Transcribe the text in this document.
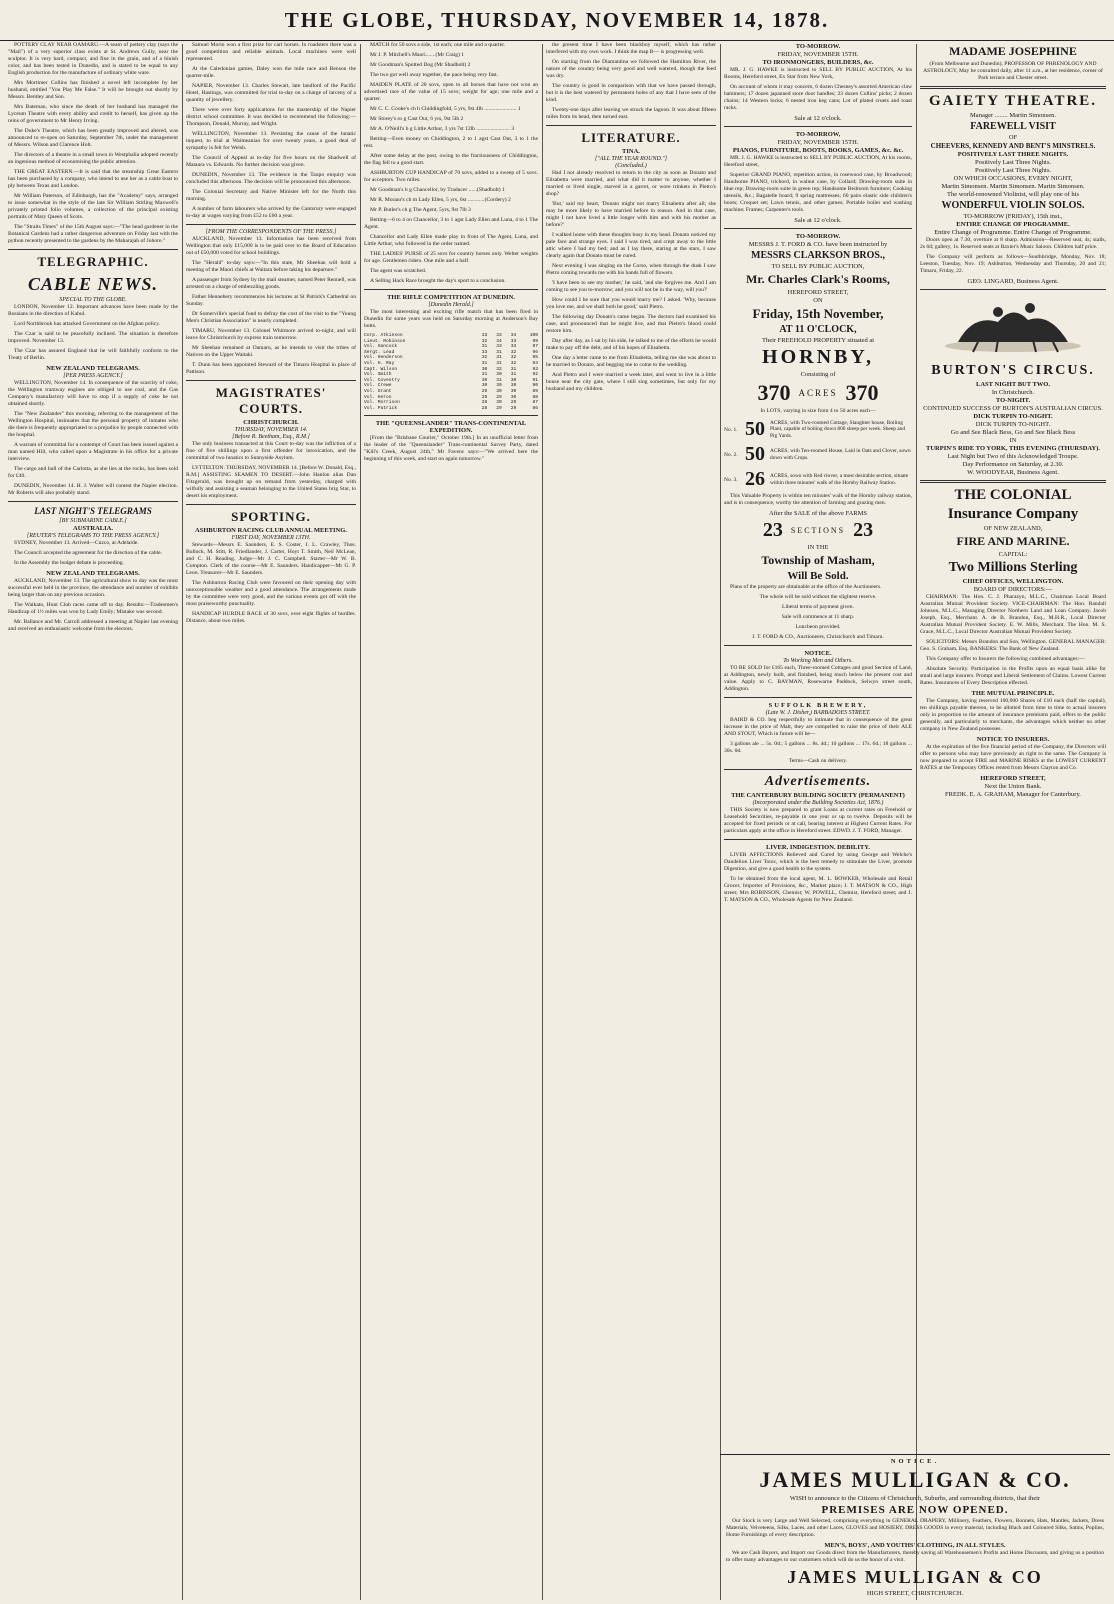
THE GLOBE, THURSDAY, NOVEMBER 14, 1878.

POTTERY CLAY NEAR OAMARU.—A seam of pottery clay (says the "Mail") of a very superior class exists at St. Andrews Gully, near the sculptor. It is very hard, compact, and fine in the grain, and of a bluish color, and has been tested in Dunedin, and is stated to be equal to any English production for the manufacture of ordinary white ware.

Mrs Mortimer Collins has finished a novel left incomplete by her husband, entitled "You Play Me False." It will be brought out shortly by Messrs. Bentley and Son.

Mrs Bateman, who since the death of her husband has managed the Lyceum Theatre with every ability and credit to herself, has given up the reins of government to Mr Henry Irving.

The Duke's Theatre, which has been greatly improved and altered, was announced to re-open on Saturday, September 7th, under the management of Messrs. Wilson and Clarence Holt.

The directors of a theatre in a small town in Westphalia adopted recently an ingenious method of economising the public attention.

THE GREAT EASTERN.—It is said that the steamship Great Eastern has been purchased by a company, who intend to use her as a cattle boat to ply between Texas and London.

Mr William Paterson, of Edinburgh, has the "Academy" says, arranged to issue somewhat in the style of the late Sir William Stirling Maxwell's privately printed folio volumes, a collection of the principal existing portraits of Mary Queen of Scots.

The "Straits Times" of the 15th August says:—"The head gardener in the Botanical Gardens had a rather dangerous adventure on Friday last with the python recently presented to the gardens by the Maharajah of Johore."

TELEGRAPHIC.
CABLE NEWS.
SPECIAL TO THE GLOBE.

LONDON, November 12. Important advances have been made by the Russians in the direction of Kabul.

Lord Northbrook has attacked Government on the Afghan policy.

The Czar is said to be peacefully inclined. The situation is therefore improved. November 13.

The Czar has assured England that he will faithfully conform to the Treaty of Berlin.

NEW ZEALAND TELEGRAMS.
[PER PRESS AGENCY.]

WELLINGTON, November 14. In consequence of the scarcity of coke, the Wellington tramway engines are obliged to use coal, and the Gas Company's manufactory will have to stop if a supply of coke be not obtained shortly.

The "New Zealander" this morning, referring to the management of the Wellington Hospital, insinuates that the personal property of inmates who die there is frequently appropriated to a prejudice by people connected with the hospital.

A warrant of committal for a contempt of Court has been issued against a man named Hill, who called upon a Magistrate in his office for a private interview.

The cargo and hull of the Carlotta, as she lies at the rocks, has been sold for £40.

DUNEDIN, November 14. H. J. Walter will contest the Napier election. Mr Roberts will also probably stand.

LAST NIGHT'S TELEGRAMS
[BY SUBMARINE CABLE.]
AUSTRALIA.
[REUTER'S TELEGRAMS TO THE PRESS AGENCY.]

SYDNEY, November 13. Arrived—Cuzco, at Adelaide.

The Council accepted the agreement for the direction of the cable.

In the Assembly the budget debate is proceeding.

NEW ZEALAND TELEGRAMS.

AUCKLAND, November 13. The agricultural show to day was the most successful ever held in the province, the attendance and number of exhibits being larger than on any previous occasion.

The Waikato, Hunt Club races came off to day. Results:—Tradesmen's Handicap of 1½ miles was won by Lady Emily; Mistake was second.

Mr. Ballance and Mr. Carroll addressed a meeting at Napier last evening and received an enthusiastic welcome from the electors.

Samuel Morin won a first prize for cart horses. In roadsters there was a good competition and reliable animals. Local machines were well represented.

At the Caledonian games, Daley won the mile race and Benson the quarter-mile.

NAPIER, November 13. Charles Stewart, late landlord of the Pacific Hotel, Hastings, was committed for trial to-day on a charge of larceny of a quantity of jewellery.

There were over forty applications for the mastership of the Napier district school committee. It was decided to recommend the following:—Thompson, Donald, Murray, and Wright.

WELLINGTON, November 13. Persisting the cause of the lunatic inquest, to trial at Waimeaniao for over twenty years, a good deal of sympathy is felt for Welsh.

The Council of Appeal at to-day for five hours on the Shadwell of Mataura vs. Edwards. No further decision was given.

DUNEDIN, November 13. The evidence in the Taupo enquiry was concluded this afternoon. The decision will be pronounced this afternoon.

The Colonial Secretary and Native Minister left for the North this morning.

A number of farm labourers who arrived by the Cantsrury were engaged to-day at wages varying from £52 to £60 a year.

[FROM THE CORRESPONDENTS OF THE PRESS.]

AUCKLAND, November 13. Information has been received from Wellington that only £15,000 is to be paid over to the Board of Education out of £50,000 voted for school buildings.

The "Herald" to-day says:—"In this state, Mr Sheehan will hold a meeting of the Maori chiefs at Waitara before taking his departure."

A passenger from Sydney by the mail steamer, named Peter Rennell, was arrested on a charge of embezzling goods.

Father Hennebery recommences his lectures at St Patrick's Cathedral on Sunday.

Dr Somerville's special fund to defray the cost of the visit to the "Young Men's Christian Association" is nearly completed.

TIMARU, November 13. Colonel Whitmore arrived to-night, and will leave for Christchurch by express train tomorrow.

Mr Sheehan remained at Oamaru, as he intends to visit the tribes of Natives on the Upper Waitaki.

T. Dunn has been appointed Steward of the Timaru Hospital in place of Pattison.

MAGISTRATES' COURTS.
CHRISTCHURCH.
THURSDAY, NOVEMBER 14.
[Before R. Beetham, Esq., R.M.]

The only business transacted at this Court to-day was the infliction of a fine of five shillings upon a first offender for intoxication, and the committal of two lunatics to Sunnyside Asylum.

LYTTELTON. THURSDAY, NOVEMBER 14. [Before W. Donald, Esq., R.M.] ASSISTING SEAMEN TO DESERT.—John Hanlon alias Dan Fitzgerald, was brought up on remand from yesterday, charged with wilfully and assisting a seaman belonging to the United States brig Star, to desert his employment.

SPORTING.
ASHBURTON RACING CLUB ANNUAL MEETING.
FIRST DAY, NOVEMBER 13TH.

Stewards—Messrs E. Saunders, E. S. Coster, J. L. Crawley, Thos. Bullock, M. Stitt, R. Friedlander, J. Carter, Hoyt T. Smith, Neil McLean, and C. H. Reading. Judge—Mr J. C. Campbell. Starter—Mr W. B. Compton. Clerk of the course—Mr E. Saunders. Handicapper—Mr G. P. Leon. Treasurer—Mr E. Saunders.

The Ashburton Racing Club were favoured on their opening day with unexceptionable weather and a good attendance. The arrangements made by the committee were very good, and the various events got off with the most praiseworthy punctuality.

HANDICAP HURDLE RACE of 30 sovs, over eight flights of hurdles. Distance, about two miles.

MATCH for 50 sovs a side, 1st each; one mile and a quarter.

Mr J. P. Mitchell's Maori.......(Mr Craig) 1

Mr Goodman's Spotted Dog (Mr Shadbolt) 2

The two got well away together, the pace being very fast.

MAIDEN PLATE of 20 sovs, open to all horses that have not won an advertised race of the value of 15 sovs; weight for age; one mile and a quarter.

Mr C. C. Cooke's ch h Chiddingfold, 5 yrs, 9st 4lb ....................... 1

Mr Storey's ro g Cast Out, 6 yrs, 9st 5lb 2

Mr A. O'Neill's b g Little Arthur, 3 yrs 7st 12lb ........................ 3

Betting—Even money on Chiddington, 2 to 1 agst Cast Out, 3 to 1 the rest.

After some delay at the post, owing to the fractiousness of Chiddington, the flag fell to a good start.

ASHBURTON CUP HANDICAP of 70 sovs, added to a sweep of 5 sovs. for acceptors. Two miles.

Mr Goodman's b g Chancellor, by Traducer ......(Shadbolt) 1

Mr R. Moranr's ch m Lady Ellen, 5 yrs, 6st ............(Cordery) 2

Mr P. Butler's ch g The Agent, 5yrs, 9st 7lb 3

Betting—6 to 4 on Chancellor, 3 to 1 agst Lady Ellen and Luna, 4 to 1 The Agent.

Chancellor and Lady Ellen made play in front of The Agent, Luna, and Little Arthur, who followed in the order named.

THE LADIES' PURSE of 25 sovs for country horses only. Welter weights for age. Gentlemen riders. One mile and a half.

The agent was scratched.

A Selling Hack Race brought the day's sport to a conclusion.

THE RIFLE COMPETITION AT DUNEDIN.
[Dunedin Herald.]

The most interesting and exciting rifle match that has been fired in Dunedin for some years was held on Saturday morning at Anderson's Bay butts.

Corp. Atkinson	33	33	34	100
Lieut. Robinson	32	34	33	99
Vol. Hancock	31	33	33	97
Sergt. Lead	33	31	32	96
Vol. Henderson	32	31	32	95
Vol. H. Ray	31	31	32	94
Capt. Wilson	30	32	31	93
Vol. Smith	31	30	31	92
Vol. Coventry	30	31	30	91
Vol. Crewe	30	30	30	90
Vol. Grant	29	30	30	89
Vol. Heron	29	29	30	88
Vol. Morrison	28	30	29	87
Vol. Patrick	28	29	29	86
THE "QUEENSLANDER" TRANS-CONTINENTAL EXPEDITION.

[From the "Brisbane Courier," October 19th.] In an unofficial letter from the leader of the "Queenslander" Trans-continental Survey Party, dated "Kill's Creek, August 24th," Mr Favenc says:—"We arrived here the beginning of this week, and start on again tomorrow."

the present time I have been blackboy myself, which has rather interfered with my own work. I think the map B— is progressing well.

On starting from the Diamantina we followed the Hamilton River, the nature of the country being very good and well watered, though the feed was dry.

The country is good in comparison with that we have passed through, but it is the best watered by permanent holes of any that I have seen of the kind.

Twenty-one days after leaving we struck the lagoon. It was about fifteen miles from its head, then turned east.

LITERATURE.
TINA.
["ALL THE YEAR ROUND."]
(Concluded.)

Had I not already resolved to return to the city as soon as Donato and Elisabetta were married, and what did it matter to anyone, whether I married or lived single, starved in a garret, or wore trinkets in Pietro's shop?

'But,' said my heart, 'Donato might not marry Elisabetta after all; she may be more likely to have married before in reason. And in that case, might I not have lived a little longer with him and with his mother as before?'

I walked home with these thoughts busy in my head. Donato noticed my pale face and strange eyes. I said I was tired, and crept away to the little attic where I had my bed; and as I lay there, staring at the stars, I saw clearly again that Donato must be cured.

Next evening I was singing on the Corso, when through the dusk I saw Pietro coming towards me with his hands full of flowers.

'I have been to see my mother,' he said, 'and she forgives me. And I am coming to see you to-morrow; and you will not be in the way, will you?'

How could I be sure that you would marry me? I asked. 'Why, because you love me, and we shall both be good,' said Pietro.

The following day Donato's came began. The doctors had examined his case, and pronounced that he might live, and that Pietro's blood could restore him.

Day after day, as I sat by his side, he talked to me of the efforts he would make to pay off the debt, and of his hopes of Elisabetta.

One day a letter came to me from Elisabetta, telling me she was about to be married to Donato, and begging me to come to the wedding.

And Pietro and I were married a week later, and went to live in a little house near the city gate, where I still sing sometimes, but only for my husband and my children.

TO-MORROW.
FRIDAY, NOVEMBER 15TH.
TO IRONMONGERS, BUILDERS, &c.

MR. J. G. HAWKE is instructed to SELL BY PUBLIC AUCTION, At his Rooms, Hereford street, Ex Star from New York,

On account of whom it may concern, 6 dozen Chesney's assorted American claw hammers; 17 dozen japanned store door handles; 23 dozen Collins' picks; 2 dozen chains; 14 Western locks; 6 nested iron keg cans; Lot of plated cruets and toast racks.

Sale at 12 o'clock.
TO-MORROW,
FRIDAY, NOVEMBER 15TH.
PIANOS, FURNITURE, BOOTS, BOOKS, GAMES, &c. &c.

MR. J. G. HAWKE is instructed to SELL BY PUBLIC AUCTION, At his rooms, Hereford street,

Superior GRAND PIANO, repetition action, in rosewood case, by Broadwood; Handsome PIANO, trichord, in walnut case, by Collard; Drawing-room suite in blue rep; Drawing-room suite in green rep; Handsome Bedroom furniture; Cooking utensils, &c.; Bagatelle board; 9 spring mattresses; 60 pairs elastic side children's boots; Croquet set; Lawn tennis, and other games; Portable boiler and washing machine; Frames; Carpenter's tools.

Sale at 12 o'clock.
TO-MORROW.
MESSRS J. T. FORD & CO. have been instructed by
MESSRS CLARKSON BROS.,
TO SELL BY PUBLIC AUCTION,
Mr. Charles Clark's Rooms,
HEREFORD STREET,
ON
Friday, 15th November,
AT 11 O'CLOCK,
Their FREEHOLD PROPERTY situated at
HORNBY,
Consisting of
370 ACRES 370

In LOTS, varying in size from 4 to 50 acres each—

No. 1. 50 ACRES, with Two-roomed Cottage, Slaughter house, Boiling Plant, capable of boiling down 800 sheep per week. Sheep and Pig Yards.
No. 2. 50 ACRES, with Ten-roomed House, Laid in Oats and Clover, sown down with Crops.
No. 3. 26 ACRES, sown with Red clover, a most desirable section, situate within three minutes' walk of the Hornby Railway Station.

This Valuable Property is within ten minutes' walk of the Hornby railway station, and is in consequence, worthy the attention of farming and grazing men.

After the SALE of the above FARMS
23 SECTIONS 23
IN THE
Township of Masham,
Will Be Sold.

Plans of the property are obtainable at the office of the Auctioneers.

The whole will be sold without the slightest reserve.

Liberal terms of payment given.

Sale will commence at 11 sharp.

Luncheon provided.

J. T. FORD & CO., Auctioneers, Christchurch and Timaru.

NOTICE.
To Working Men and Others.

TO BE SOLD for £165 each, Three-roomed Cottages and good Section of Land, at Addington, newly built, and finished, being much below the present cost and value. Apply to C. BAYMAN, Rosewarne Paddock, Selwyn street south, Addington.

SUFFOLK BREWERY,
(Late W. J. Disher,) BARBADOES STREET.

BAIRD & CO. beg respectfully to intimate that in consequence of the great increase in the price of Malt, they are compelled to raise the price of their ALE AND STOUT, Which in future will be—

3 gallons ale ... 5s. 0d.; 5 gallons ... 8s. 4d.; 10 gallons ... 17s. 6d.; 18 gallons ... 30s. 0d.

Terms—Cash on delivery.

Advertisements.
THE CANTERBURY BUILDING SOCIETY (PERMANENT)
(Incorporated under the Building Societies Act, 1876.)

THIS Society is now prepared to grant Loans at current rates on Freehold or Leasehold Securities, re-payable in one year or up to twelve. Deposits will be accepted for fixed periods or at call, bearing interest at Highest Current Rates. For particulars apply at the office in Hereford street. EDWD. J. T. FORD, Manager.

LIVER. INDIGESTION. DEBILITY.

LIVER AFFECTIONS Relieved and Cured by using George and Welche's Dandelion Liver Tonic, which is the best remedy to stimulate the Liver, promote Digestion, and give a good health to the system.

To be obtained from the local agent, M. L. BOWKER, Wholesale and Retail Grocer, Importer of Provisions, &c., Market place; J. T. MATSON & CO., High street; Mrs ROBINSON, Chemist; W. POWELL, Chemist, Hereford street; and J. T. MATSON & CO., Wholesale Agents for New Zealand.

MADAME JOSEPHINE

(From Melbourne and Dunedin), PROFESSOR OF PHRENOLOGY AND ASTROLOGY, May be consulted daily, after 11 a.m., at her residence, corner of Park terrace and Chester street.

GAIETY THEATRE.
Manager ........ Martin Simonsen.
FAREWELL VISIT
OF
CHEEVERS, KENNEDY AND BENT'S MINSTRELS.
POSITIVELY LAST THREE NIGHTS.
Positively Last Three Nights.
Positively Last Three Nights.
ON WHICH OCCASIONS, EVERY NIGHT,
Martin Simonsen. Martin Simonsen. Martin Simonsen.
The world-renowned Violinist, will play one of his
WONDERFUL VIOLIN SOLOS.
TO-MORROW (FRIDAY), 15th inst.,
ENTIRE CHANGE OF PROGRAMME.
Entire Change of Programme. Entire Change of Programme.

Doors open at 7.30, overture at 8 sharp. Admission—Reserved seat, 4s; stalls, 2s 6d; gallery, 1s. Reserved seats at Baxter's Music Saloon. Children half price.

The Company will perform as follows—Southbridge, Monday, Nov. 18; Leeston, Tuesday, Nov. 19; Ashburton, Wednesday and Thursday, 20 and 21; Timaru, Friday, 22.

GEO. LINGARD, Business Agent.
BURTON'S CIRCUS.
LAST NIGHT BUT TWO.
In Christchurch.
TO-NIGHT.
CONTINUED SUCCESS OF BURTON'S AUSTRALIAN CIRCUS.
DICK TURPIN TO-NIGHT.
DICK TURPIN TO-NIGHT.
Go and See Black Bess, Go and See Black Bess
IN
TURPIN'S RIDE TO YORK, THIS EVENING (THURSDAY).
Last Night but Two of this Acknowledged Troupe.
Day Performance on Saturday, at 2.30.
W. WOODYEAR, Business Agent.
THE COLONIAL
Insurance Company
OF NEW ZEALAND,
FIRE AND MARINE.
CAPITAL:
Two Millions Sterling
CHIEF OFFICES, WELLINGTON.
BOARD OF DIRECTORS:—

CHAIRMAN: The Hon. C. J. Pharazyn, M.L.C., Chairman Local Board Australian Mutual Provident Society. VICE-CHAIRMAN: The Hon. Randall Johnson, M.L.C., Managing Director Northern Land and Loan Company. Jacob Joseph, Esq., Merchant. A. de B. Brandon, Esq., M.H.R., Local Director Australian Mutual Provident Society. E. W. Mills, Merchant. The Hon. M. S. Grace, M.L.C., Local Director Australian Mutual Provident Society.

SOLICITORS: Messrs Brandon and Son, Wellington. GENERAL MANAGER: Geo. S. Graham, Esq. BANKERS: The Bank of New Zealand.

This Company offer to Insurers the following combined advantages:—

Absolute Security. Participation in the Profits upon an equal basis alike for small and large insurers. Prompt and Liberal Settlement of Claims. Lowest Current Rates. Insurances of Every Description effected.

THE MUTUAL PRINCIPLE.

The Company, having reserved 100,000 Shares of £10 each (half the capital), ten shillings payable thereon, to be allotted from time to time to actual insurers only in proportion to the amount of insurance premiums paid, offers to the public generally, and particularly to merchants, the advantages which neither no other company in New Zealand possesses.

NOTICE TO INSURERS.

At the expiration of the five financial period of the Company, the Directors will offer to persons who may have previously an right to the same. The Company is now prepared to accept FIRE and MARINE RISKS at the LOWEST CURRENT RATES at the Temporary Offices rented from Messrs Clayton and Co.

HEREFORD STREET,
Next the Union Bank.
FREDK. E. A. GRAHAM, Manager for Canterbury.
NOTICE.
JAMES MULLIGAN & CO.
WISH to announce to the Citizens of Christchurch, Suburbs, and surrounding districts, that their
PREMISES ARE NOW OPENED.

Our Stock is very Large and Well Selected, comprising everything in GENERAL DRAPERY, Millinery, Feathers, Flowers, Bonnets, Hats, Mantles, Jackets, Dress Materials, Velveteens, Silks, Laces, and other Laces, GLOVES and HOSIERY, DRESS GOODS in every material, including Black and Coloured Silks, Satins, Poplins, Home Furnishings of every description.

MEN'S, BOYS', AND YOUTHS' CLOTHING, IN ALL STYLES.

We are Cash Buyers, and Import our Goods direct from the Manufacturers, thereby saving all Warehousemen's Profits and Home Discounts, and giving us a position to offer many advantages to our customers which will do us the honor of a visit.

JAMES MULLIGAN & CO
HIGH STREET, CHRISTCHURCH.
